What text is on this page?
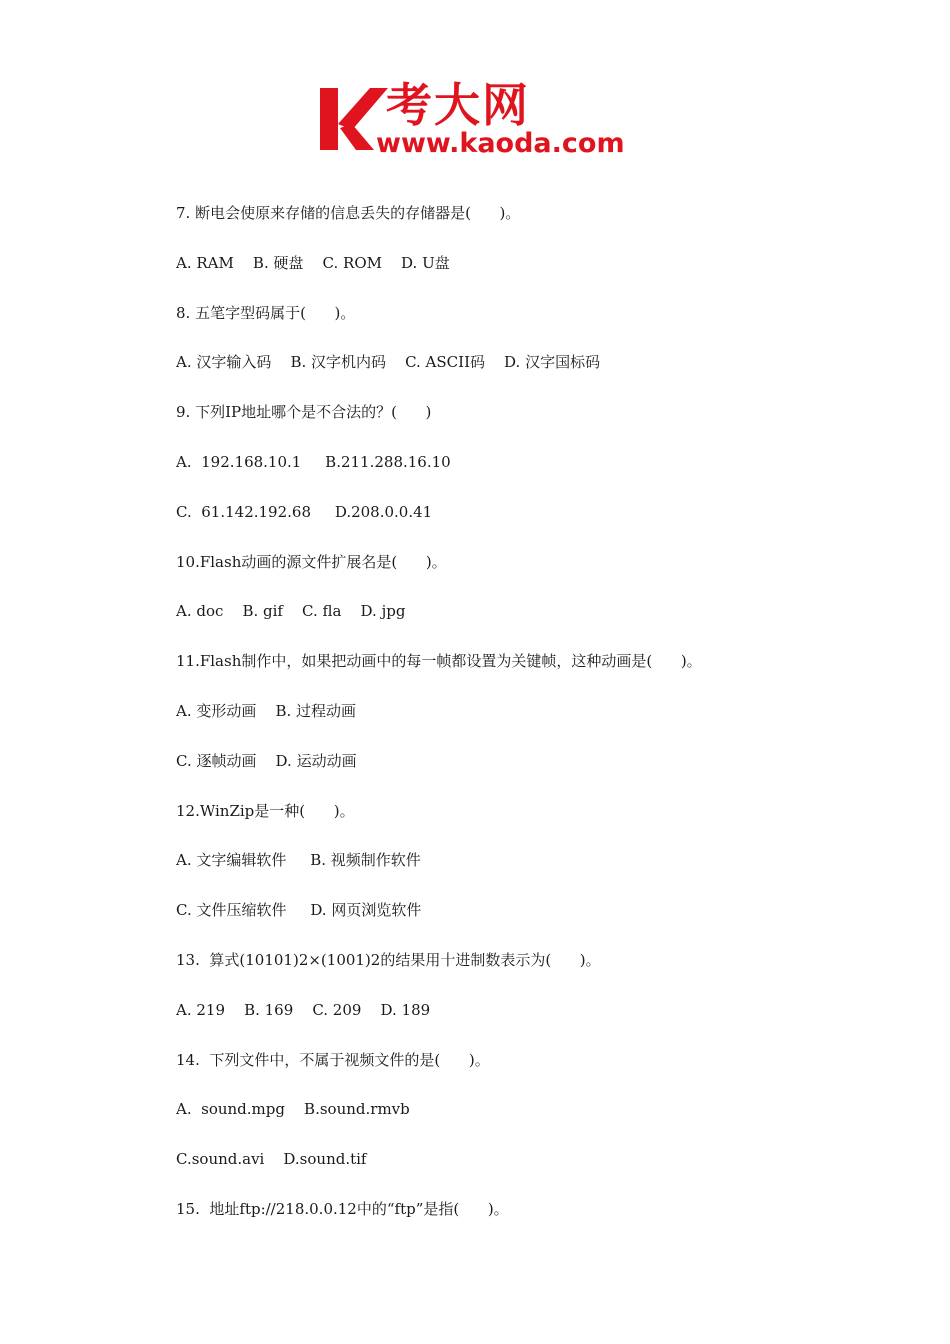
考大网
www.kaoda.com
7. 断电会使原来存储的信息丢失的存储器是(      )。
A. RAM    B. 硬盘    C. ROM    D. U盘
8. 五笔字型码属于(      )。
A. 汉字输入码    B. 汉字机内码    C. ASCII码    D. 汉字国标码
9. 下列IP地址哪个是不合法的？(      )
A.  192.168.10.1     B.211.288.16.10
C.  61.142.192.68     D.208.0.0.41
10.Flash动画的源文件扩展名是(      )。
A. doc    B. gif    C. fla    D. jpg
11.Flash制作中，如果把动画中的每一帧都设置为关键帧，这种动画是(      )。
A. 变形动画    B. 过程动画
C. 逐帧动画    D. 运动动画
12.WinZip是一种(      )。
A. 文字编辑软件     B. 视频制作软件
C. 文件压缩软件     D. 网页浏览软件
13.  算式(10101)2×(1001)2的结果用十进制数表示为(      )。
A. 219    B. 169    C. 209    D. 189
14.  下列文件中，不属于视频文件的是(      )。
A.  sound.mpg    B.sound.rmvb
C.sound.avi    D.sound.tif
15.  地址ftp://218.0.0.12中的“ftp”是指(      )。
